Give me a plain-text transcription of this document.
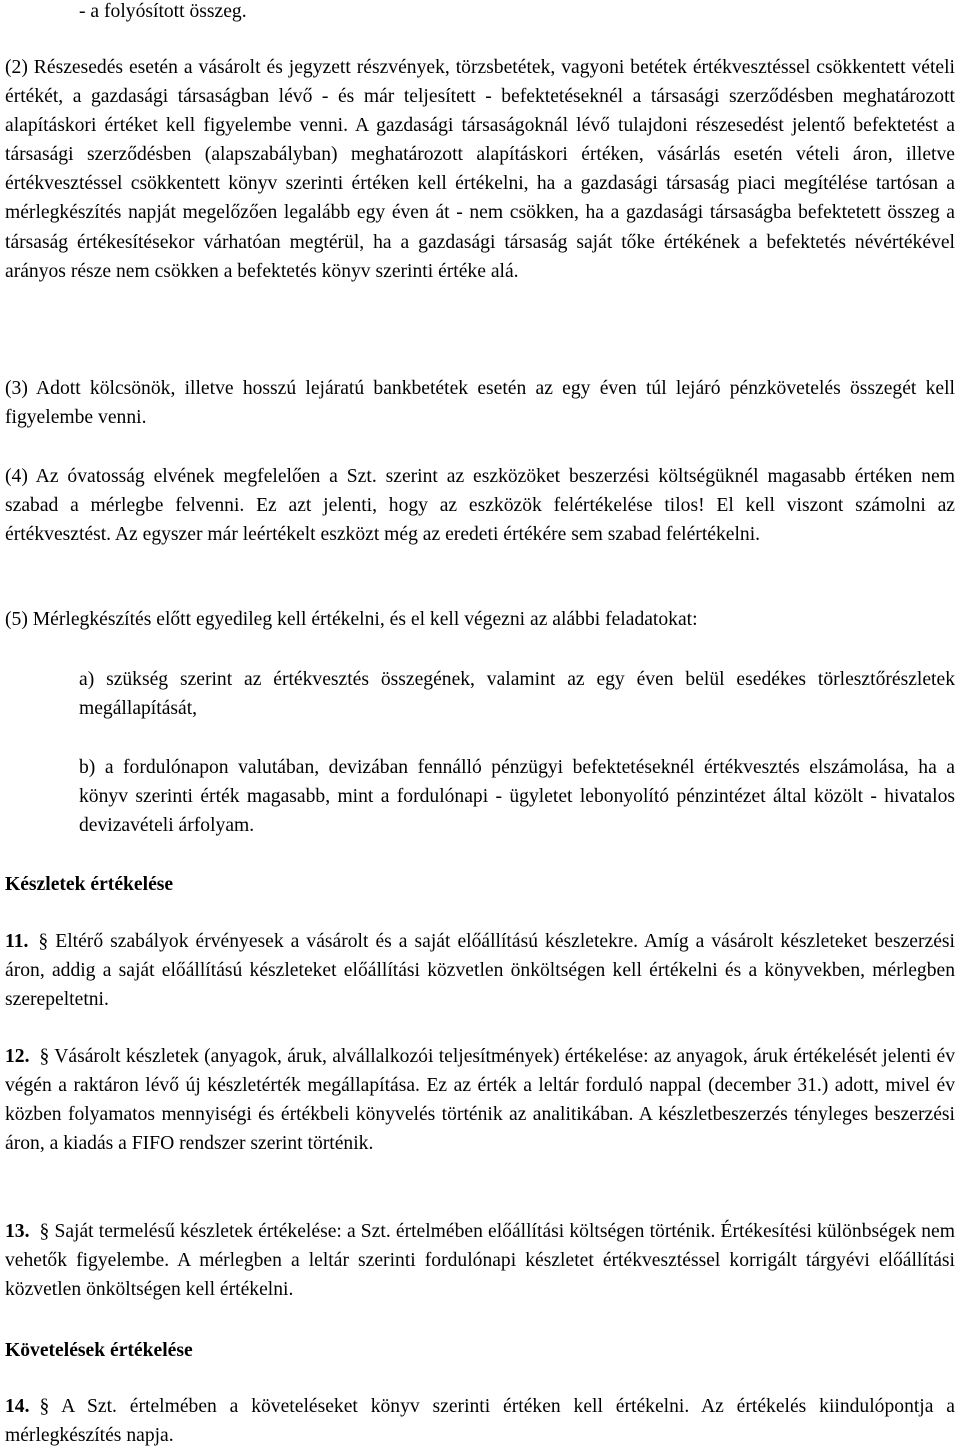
- a folyósított összeg.

(2) Részesedés esetén a vásárolt és jegyzett részvények, törzsbetétek, vagyoni betétek értékvesztéssel csökkentett vételi értékét, a gazdasági társaságban lévő - és már teljesített - befektetéseknél a társasági szerződésben meghatározott alapításkori értéket kell figyelembe venni. A gazdasági társaságoknál lévő tulajdoni részesedést jelentő befektetést a társasági szerződésben (alapszabályban) meghatározott alapításkori értéken, vásárlás esetén vételi áron, illetve értékvesztéssel csökkentett könyv szerinti értéken kell értékelni, ha a gazdasági társaság piaci megítélése tartósan a mérlegkészítés napját megelőzően legalább egy éven át - nem csökken, ha a gazdasági társaságba befektetett összeg a társaság értékesítésekor várhatóan megtérül, ha a gazdasági társaság saját tőke értékének a befektetés névértékével arányos része nem csökken a befektetés könyv szerinti értéke alá.

(3) Adott kölcsönök, illetve hosszú lejáratú bankbetétek esetén az egy éven túl lejáró pénzkövetelés összegét kell figyelembe venni.

(4) Az óvatosság elvének megfelelően a Szt. szerint az eszközöket beszerzési költségüknél magasabb értéken nem szabad a mérlegbe felvenni. Ez azt jelenti, hogy az eszközök felértékelése tilos! El kell viszont számolni az értékvesztést. Az egyszer már leértékelt eszközt még az eredeti értékére sem szabad felértékelni.

(5) Mérlegkészítés előtt egyedileg kell értékelni, és el kell végezni az alábbi feladatokat:

a) szükség szerint az értékvesztés összegének, valamint az egy éven belül esedékes törlesztőrészletek megállapítását,

b) a fordulónapon valutában, devizában fennálló pénzügyi befektetéseknél értékvesztés elszámolása, ha a könyv szerinti érték magasabb, mint a fordulónapi - ügyletet lebonyolító pénzintézet által közölt - hivatalos devizavételi árfolyam.

Készletek értékelése

11. § Eltérő szabályok érvényesek a vásárolt és a saját előállítású készletekre. Amíg a vásárolt készleteket beszerzési áron, addig a saját előállítású készleteket előállítási közvetlen önköltségen kell értékelni és a könyvekben, mérlegben szerepeltetni.

12. § Vásárolt készletek (anyagok, áruk, alvállalkozói teljesítmények) értékelése: az anyagok, áruk értékelését jelenti év végén a raktáron lévő új készletérték megállapítása. Ez az érték a leltár forduló nappal (december 31.) adott, mivel év közben folyamatos mennyiségi és értékbeli könyvelés történik az analitikában. A készletbeszerzés tényleges beszerzési áron, a kiadás a FIFO rendszer szerint történik.

13. § Saját termelésű készletek értékelése: a Szt. értelmében előállítási költségen történik. Értékesítési különbségek nem vehetők figyelembe. A mérlegben a leltár szerinti fordulónapi készletet értékvesztéssel korrigált tárgyévi előállítási közvetlen önköltségen kell értékelni.

Követelések értékelése

14. § A Szt. értelmében a követeléseket könyv szerinti értéken kell értékelni. Az értékelés kiindulópontja a mérlegkészítés napja.
